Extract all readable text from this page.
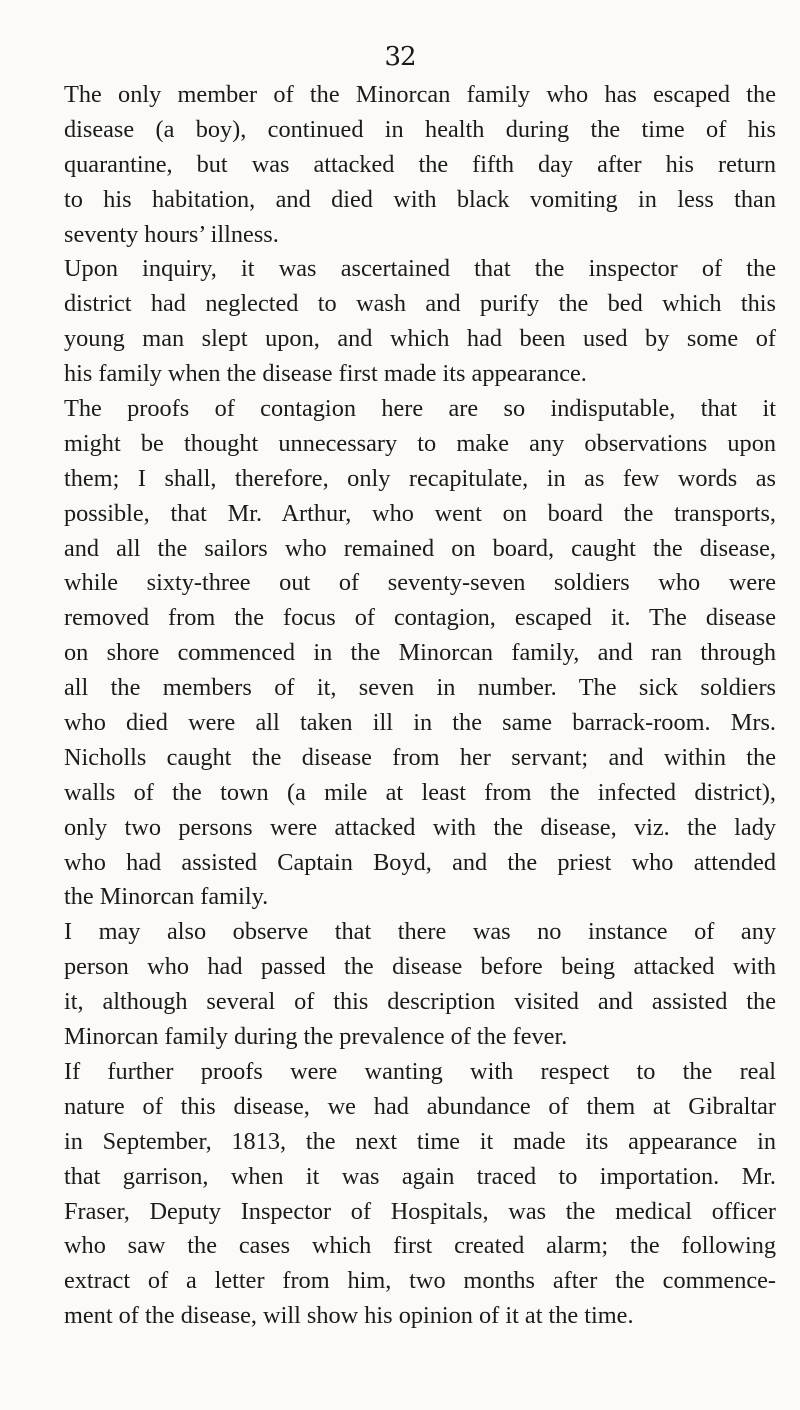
32
The only member of the Minorcan family who has escaped the
disease (a boy), continued in health during the time of his
quarantine, but was attacked the fifth day after his return
to his habitation, and died with black vomiting in less than
seventy hours’ illness.
Upon inquiry, it was ascertained that the inspector of the
district had neglected to wash and purify the bed which this
young man slept upon, and which had been used by some of
his family when the disease first made its appearance.
The proofs of contagion here are so indisputable, that it
might be thought unnecessary to make any observations upon
them; I shall, therefore, only recapitulate, in as few words as
possible, that Mr. Arthur, who went on board the transports,
and all the sailors who remained on board, caught the disease,
while sixty-three out of seventy-seven soldiers who were
removed from the focus of contagion, escaped it. The disease
on shore commenced in the Minorcan family, and ran through
all the members of it, seven in number. The sick soldiers
who died were all taken ill in the same barrack-room. Mrs.
Nicholls caught the disease from her servant; and within the
walls of the town (a mile at least from the infected district),
only two persons were attacked with the disease, viz. the lady
who had assisted Captain Boyd, and the priest who attended
the Minorcan family.
I may also observe that there was no instance of any
person who had passed the disease before being attacked with
it, although several of this description visited and assisted the
Minorcan family during the prevalence of the fever.
If further proofs were wanting with respect to the real
nature of this disease, we had abundance of them at Gibraltar
in September, 1813, the next time it made its appearance in
that garrison, when it was again traced to importation. Mr.
Fraser, Deputy Inspector of Hospitals, was the medical officer
who saw the cases which first created alarm; the following
extract of a letter from him, two months after the commence-
ment of the disease, will show his opinion of it at the time.
